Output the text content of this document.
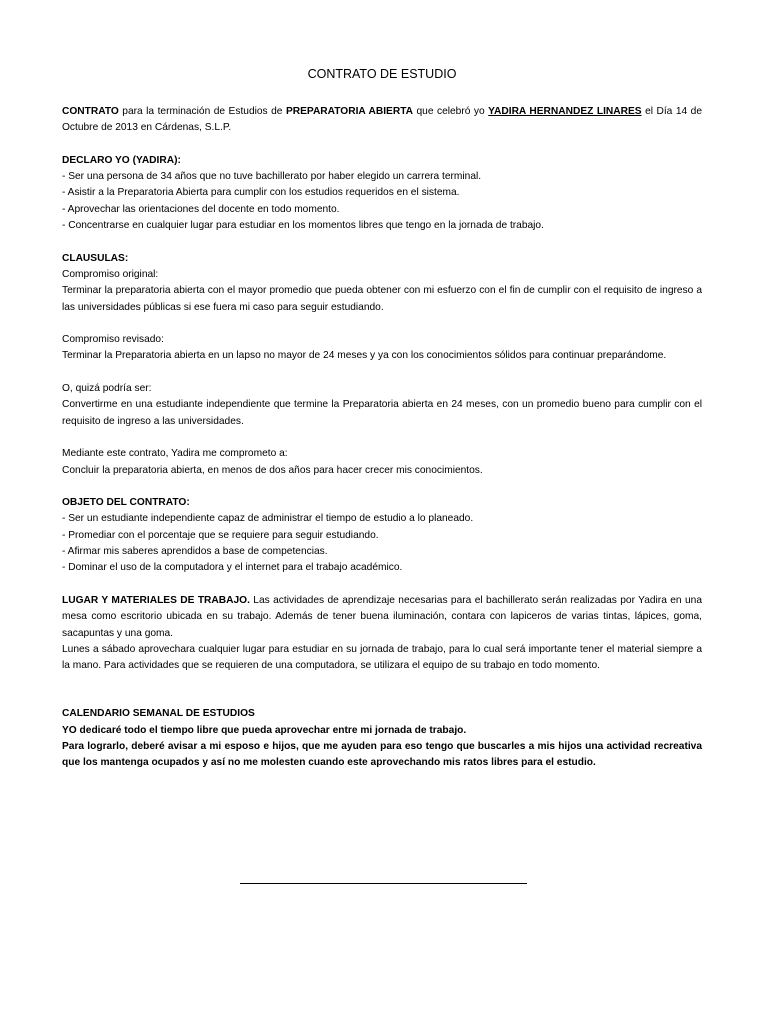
CONTRATO DE ESTUDIO

CONTRATO para la terminación de Estudios de PREPARATORIA ABIERTA que celebró yo YADIRA HERNANDEZ LINARES el Día 14 de Octubre de 2013 en Cárdenas, S.L.P.

DECLARO YO (YADIRA):

- Ser una persona de 34 años que no tuve bachillerato por haber elegido un carrera terminal.

- Asistir a la Preparatoria Abierta para cumplir con los estudios requeridos en el sistema.

- Aprovechar las orientaciones del docente en todo momento.

- Concentrarse en cualquier lugar para estudiar en los momentos libres que tengo en la jornada de trabajo.

CLAUSULAS:

Compromiso original:

Terminar la preparatoria abierta con el mayor promedio que pueda obtener con mi esfuerzo con el fin de cumplir con el requisito de ingreso a las universidades públicas si ese fuera mi caso para seguir estudiando.

Compromiso revisado:

Terminar la Preparatoria abierta en un lapso no mayor de 24 meses y ya con los conocimientos sólidos para continuar preparándome.

O, quizá podría ser:

Convertirme en una estudiante independiente que termine la Preparatoria abierta en 24 meses, con un promedio bueno para cumplir con el requisito de ingreso a las universidades.

Mediante este contrato, Yadira me comprometo a:

Concluir la preparatoria abierta, en menos de dos años para hacer crecer mis conocimientos.

OBJETO DEL CONTRATO:

- Ser un estudiante independiente capaz de administrar el tiempo de estudio a lo planeado.

- Promediar con el porcentaje que se requiere para seguir estudiando.

- Afirmar mis saberes aprendidos a base de competencias.

- Dominar el uso de la computadora y el internet para el trabajo académico.

LUGAR Y MATERIALES DE TRABAJO. Las actividades de aprendizaje necesarias para el bachillerato serán realizadas por Yadira en una mesa como escritorio ubicada en su trabajo. Además de tener buena iluminación, contara con lapiceros de varias tintas, lápices, goma, sacapuntas y una goma.

Lunes a sábado aprovechara cualquier lugar para estudiar en su jornada de trabajo, para lo cual será importante tener el material siempre a la mano. Para actividades que se requieren de una computadora, se utilizara el equipo de su trabajo en todo momento.

CALENDARIO SEMANAL DE ESTUDIOS

YO dedicaré todo el tiempo libre que pueda aprovechar entre mi jornada de trabajo.

Para lograrlo, deberé avisar a mi esposo e hijos, que me ayuden para eso tengo que buscarles a mis hijos una actividad recreativa que los mantenga ocupados y así no me molesten cuando este aprovechando mis ratos libres para el estudio.
